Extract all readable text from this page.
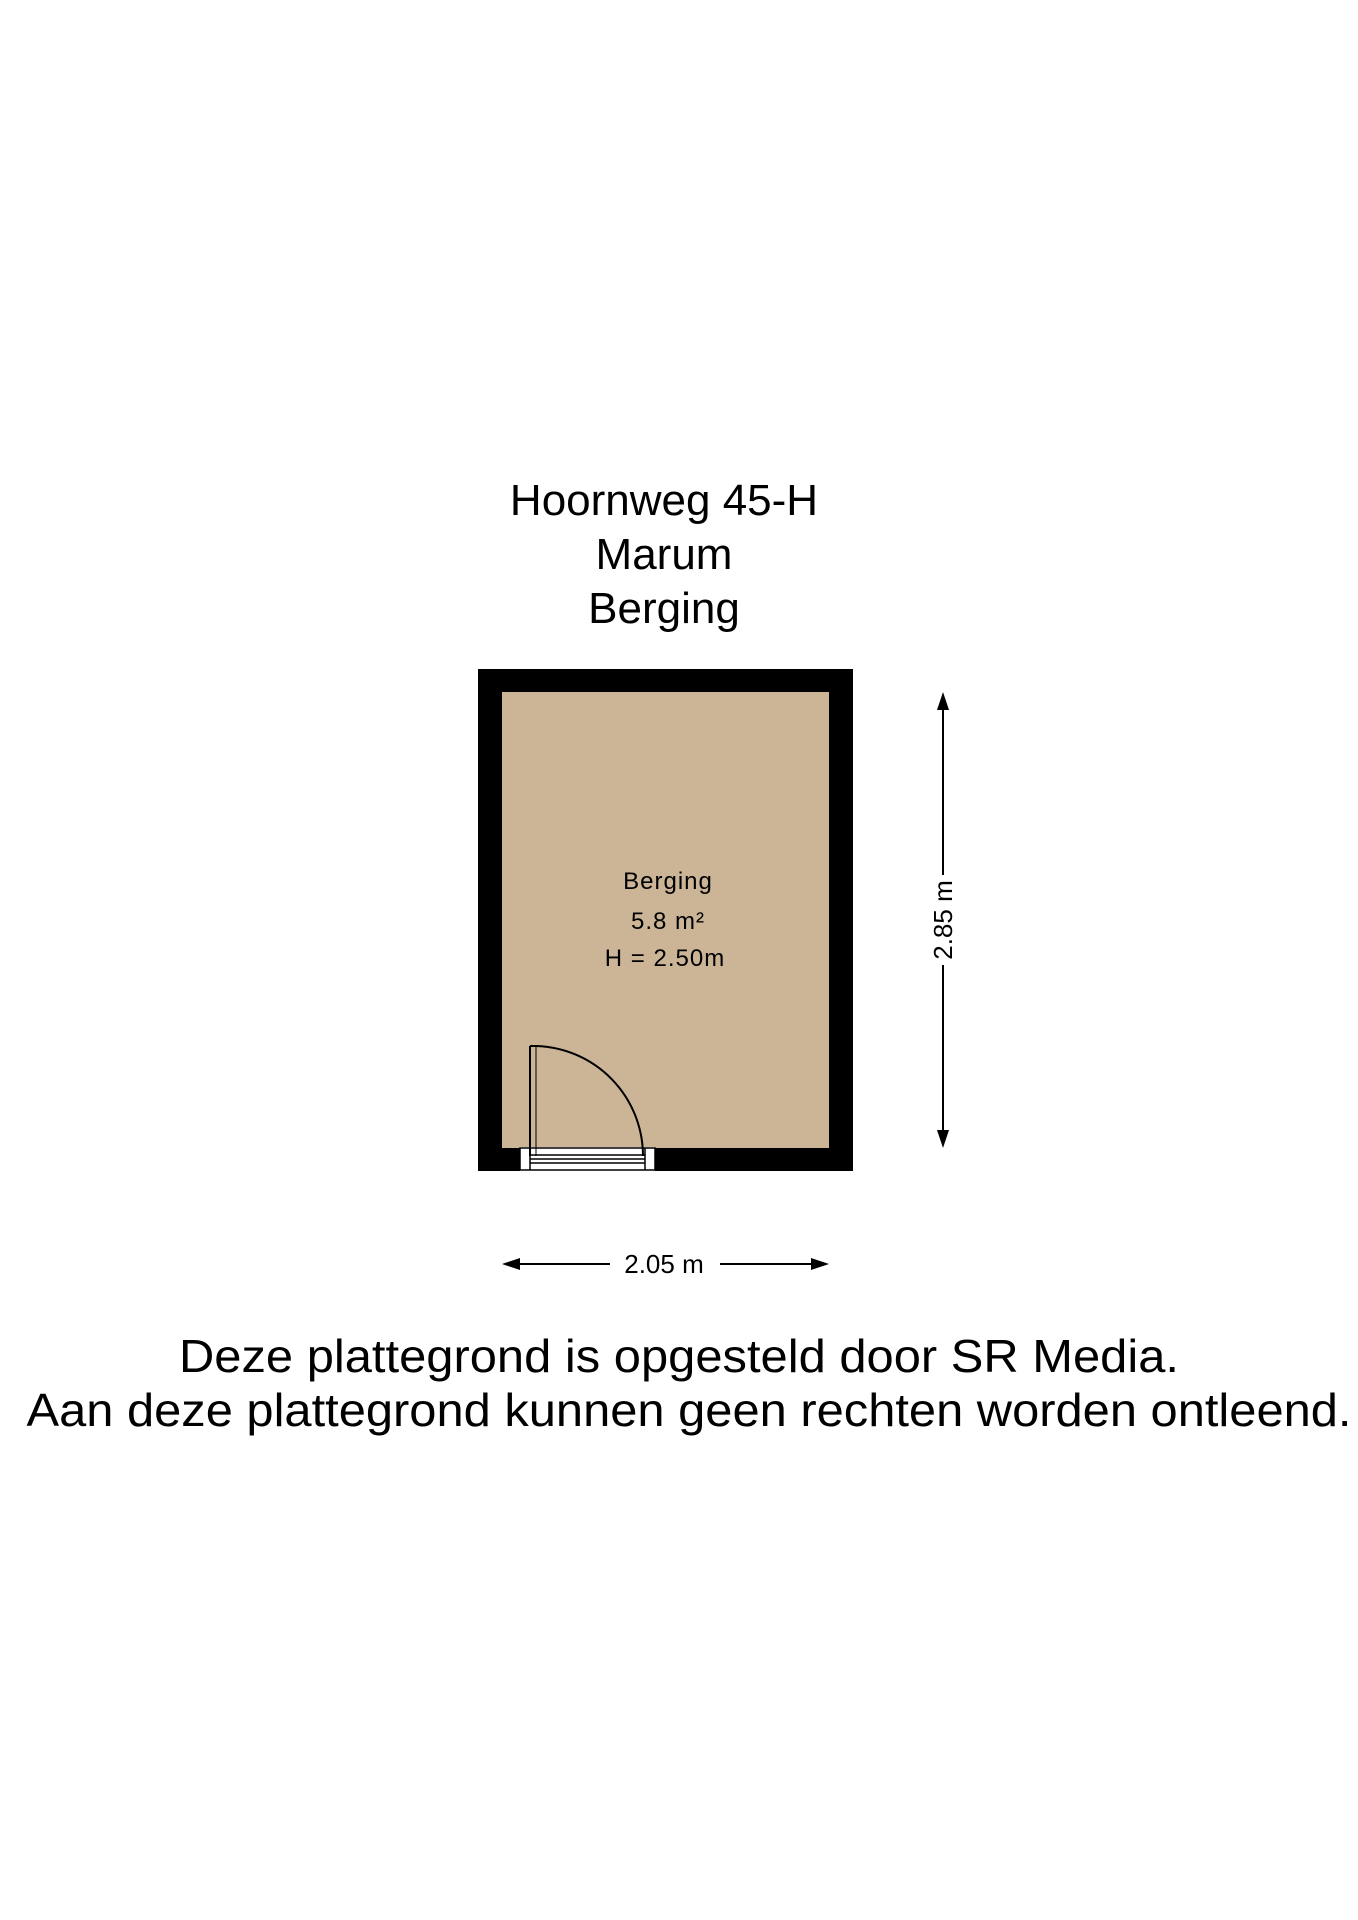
Hoornweg 45-H
Marum
Berging
Berging
5.8 m²
H = 2.50m	2.85 m
2.05 m
Deze plattegrond is opgesteld door SR Media.
Aan deze plattegrond kunnen geen rechten worden ontleend.
